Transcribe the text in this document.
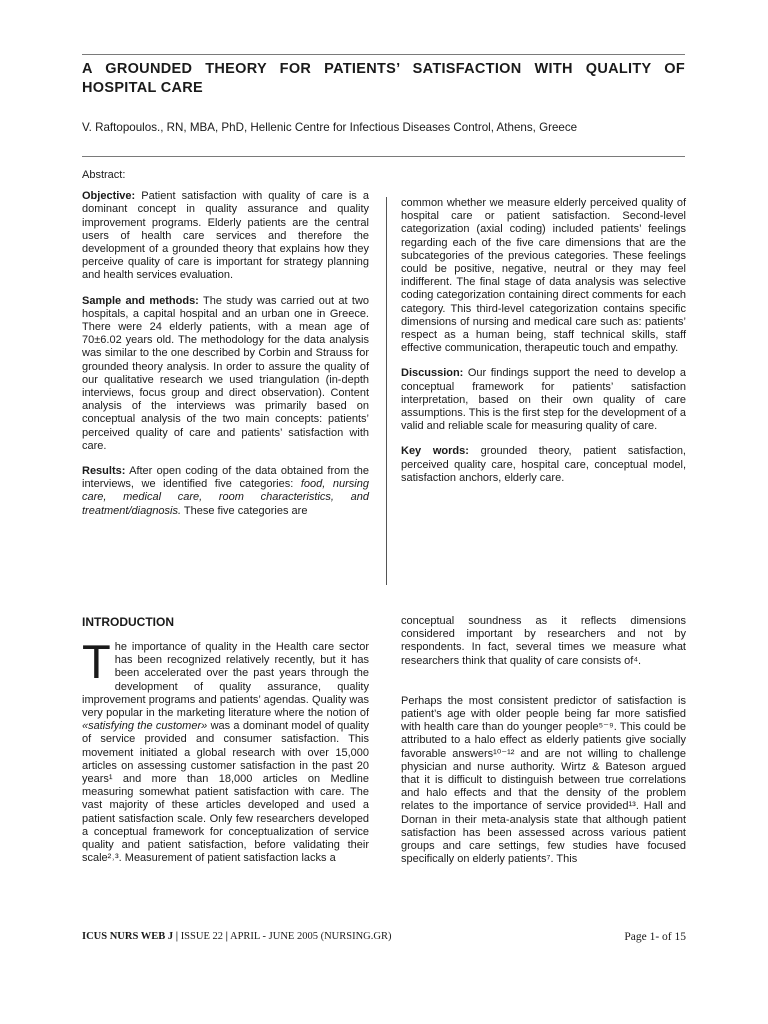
A GROUNDED THEORY FOR PATIENTS’ SATISFACTION WITH QUALITY OF HOSPITAL CARE
V. Raftopoulos., RN, MBA, PhD, Hellenic Centre for Infectious Diseases Control, Athens, Greece

Abstract:

Objective: Patient satisfaction with quality of care is a dominant concept in quality assurance and quality improvement programs. Elderly patients are the central users of health care services and therefore the development of a grounded theory that explains how they perceive quality of care is important for strategy planning and health services evaluation.

Sample and methods: The study was carried out at two hospitals, a capital hospital and an urban one in Greece. There were 24 elderly patients, with a mean age of 70±6.02 years old. The methodology for the data analysis was similar to the one described by Corbin and Strauss for grounded theory analysis. In order to assure the quality of our qualitative research we used triangulation (in-depth interviews, focus group and direct observation). Content analysis of the interviews was primarily based on conceptual analysis of the two main concepts: patients’ perceived quality of care and patients’ satisfaction with care.

Results: After open coding of the data obtained from the interviews, we identified five categories: food, nursing care, medical care, room characteristics, and treatment/diagnosis. These five categories are

common whether we measure elderly perceived quality of hospital care or patient satisfaction. Second-level categorization (axial coding) included patients’ feelings regarding each of the five care dimensions that are the subcategories of the previous categories. These feelings could be positive, negative, neutral or they may feel indifferent. The final stage of data analysis was selective coding categorization containing direct comments for each category. This third-level categorization contains specific dimensions of nursing and medical care such as: patients’ respect as a human being, staff technical skills, staff effective communication, therapeutic touch and empathy.

Discussion: Our findings support the need to develop a conceptual framework for patients’ satisfaction interpretation, based on their own quality of care assumptions. This is the first step for the development of a valid and reliable scale for measuring quality of care.

Key words: grounded theory, patient satisfaction, perceived quality care, hospital care, conceptual model, satisfaction anchors, elderly care.

INTRODUCTION

The importance of quality in the Health care sector has been recognized relatively recently, but it has been accelerated over the past years through the development of quality assurance, quality improvement programs and patients’ agendas. Quality was very popular in the marketing literature where the notion of «satisfying the customer» was a dominant model of quality of service provided and consumer satisfaction. This movement initiated a global research with over 15,000 articles on assessing customer satisfaction in the past 20 years¹ and more than 18,000 articles on Medline measuring somewhat patient satisfaction with care. The vast majority of these articles developed and used a patient satisfaction scale. Only few researchers developed a conceptual framework for conceptualization of service quality and patient satisfaction, before validating their scale²˒³. Measurement of patient satisfaction lacks a

conceptual soundness as it reflects dimensions considered important by researchers and not by respondents. In fact, several times we measure what researchers think that quality of care consists of⁴.

Perhaps the most consistent predictor of satisfaction is patient’s age with older people being far more satisfied with health care than do younger people⁵⁻⁹. This could be attributed to a halo effect as elderly patients give socially favorable answers¹⁰⁻¹² and are not willing to challenge physician and nurse authority. Wirtz & Bateson argued that it is difficult to distinguish between true correlations and halo effects and that the density of the problem relates to the importance of service provided¹³. Hall and Dornan in their meta-analysis state that although patient satisfaction has been assessed across various patient groups and care settings, few studies have focused specifically on elderly patients⁷. This

ICUS NURS WEB J | ISSUE 22 | APRIL - JUNE 2005 (NURSING.GR)	Page 1- of 15
